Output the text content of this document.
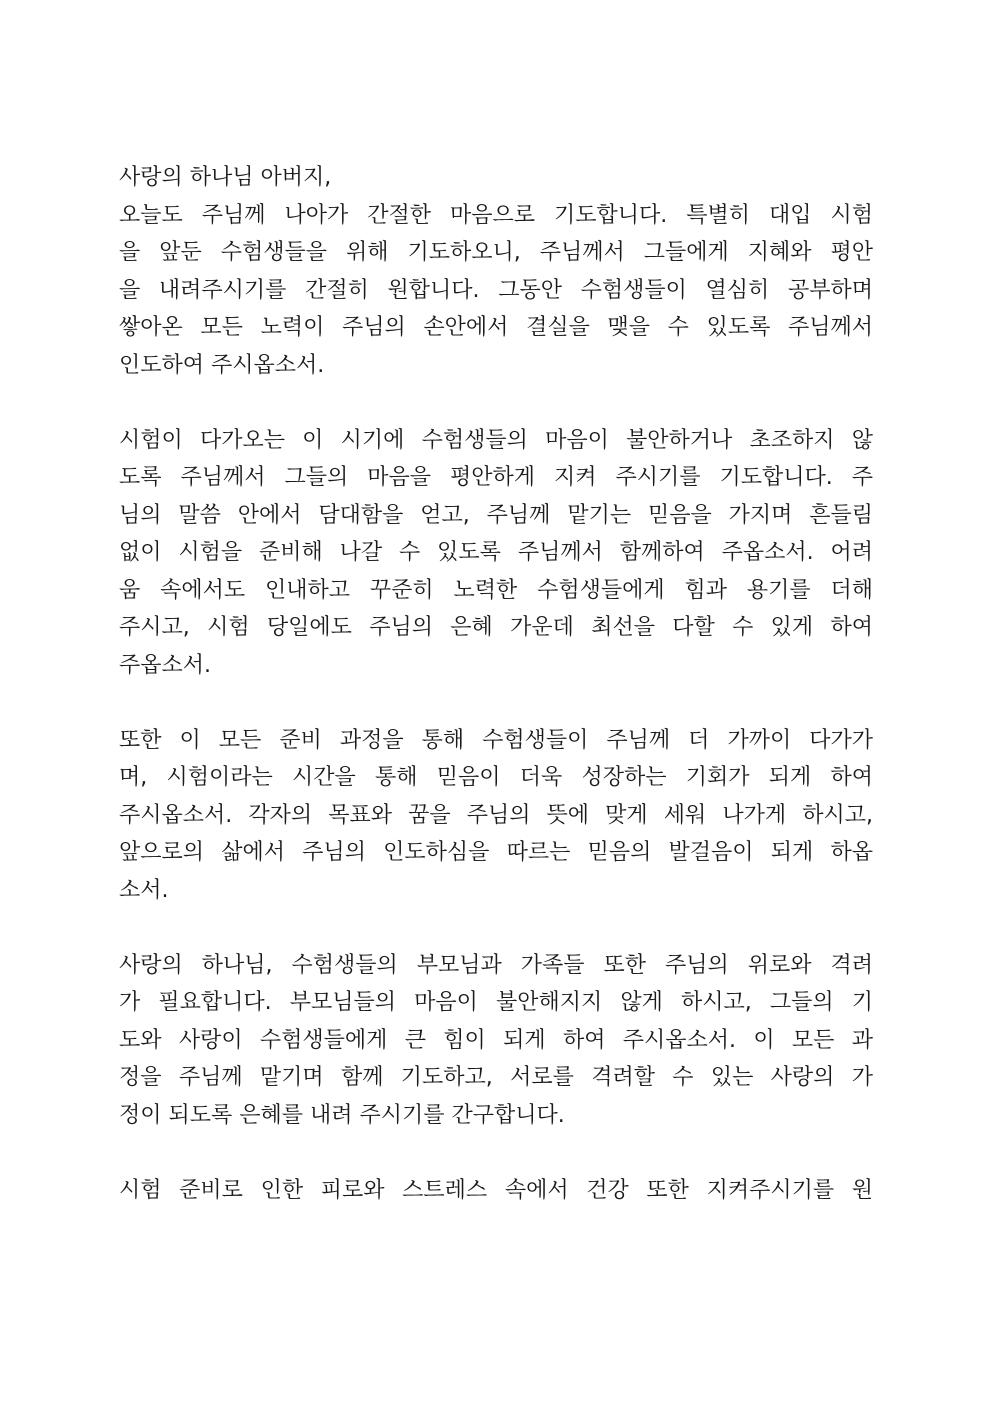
사랑의 하나님 아버지,
오늘도 주님께 나아가 간절한 마음으로 기도합니다. 특별히 대입 시험
을 앞둔 수험생들을 위해 기도하오니, 주님께서 그들에게 지혜와 평안
을 내려주시기를 간절히 원합니다. 그동안 수험생들이 열심히 공부하며
쌓아온 모든 노력이 주님의 손안에서 결실을 맺을 수 있도록 주님께서
인도하여 주시옵소서.
시험이 다가오는 이 시기에 수험생들의 마음이 불안하거나 초조하지 않
도록 주님께서 그들의 마음을 평안하게 지켜 주시기를 기도합니다. 주
님의 말씀 안에서 담대함을 얻고, 주님께 맡기는 믿음을 가지며 흔들림
없이 시험을 준비해 나갈 수 있도록 주님께서 함께하여 주옵소서. 어려
움 속에서도 인내하고 꾸준히 노력한 수험생들에게 힘과 용기를 더해
주시고, 시험 당일에도 주님의 은혜 가운데 최선을 다할 수 있게 하여
주옵소서.
또한 이 모든 준비 과정을 통해 수험생들이 주님께 더 가까이 다가가
며, 시험이라는 시간을 통해 믿음이 더욱 성장하는 기회가 되게 하여
주시옵소서. 각자의 목표와 꿈을 주님의 뜻에 맞게 세워 나가게 하시고,
앞으로의 삶에서 주님의 인도하심을 따르는 믿음의 발걸음이 되게 하옵
소서.
사랑의 하나님, 수험생들의 부모님과 가족들 또한 주님의 위로와 격려
가 필요합니다. 부모님들의 마음이 불안해지지 않게 하시고, 그들의 기
도와 사랑이 수험생들에게 큰 힘이 되게 하여 주시옵소서. 이 모든 과
정을 주님께 맡기며 함께 기도하고, 서로를 격려할 수 있는 사랑의 가
정이 되도록 은혜를 내려 주시기를 간구합니다.
시험 준비로 인한 피로와 스트레스 속에서 건강 또한 지켜주시기를 원
